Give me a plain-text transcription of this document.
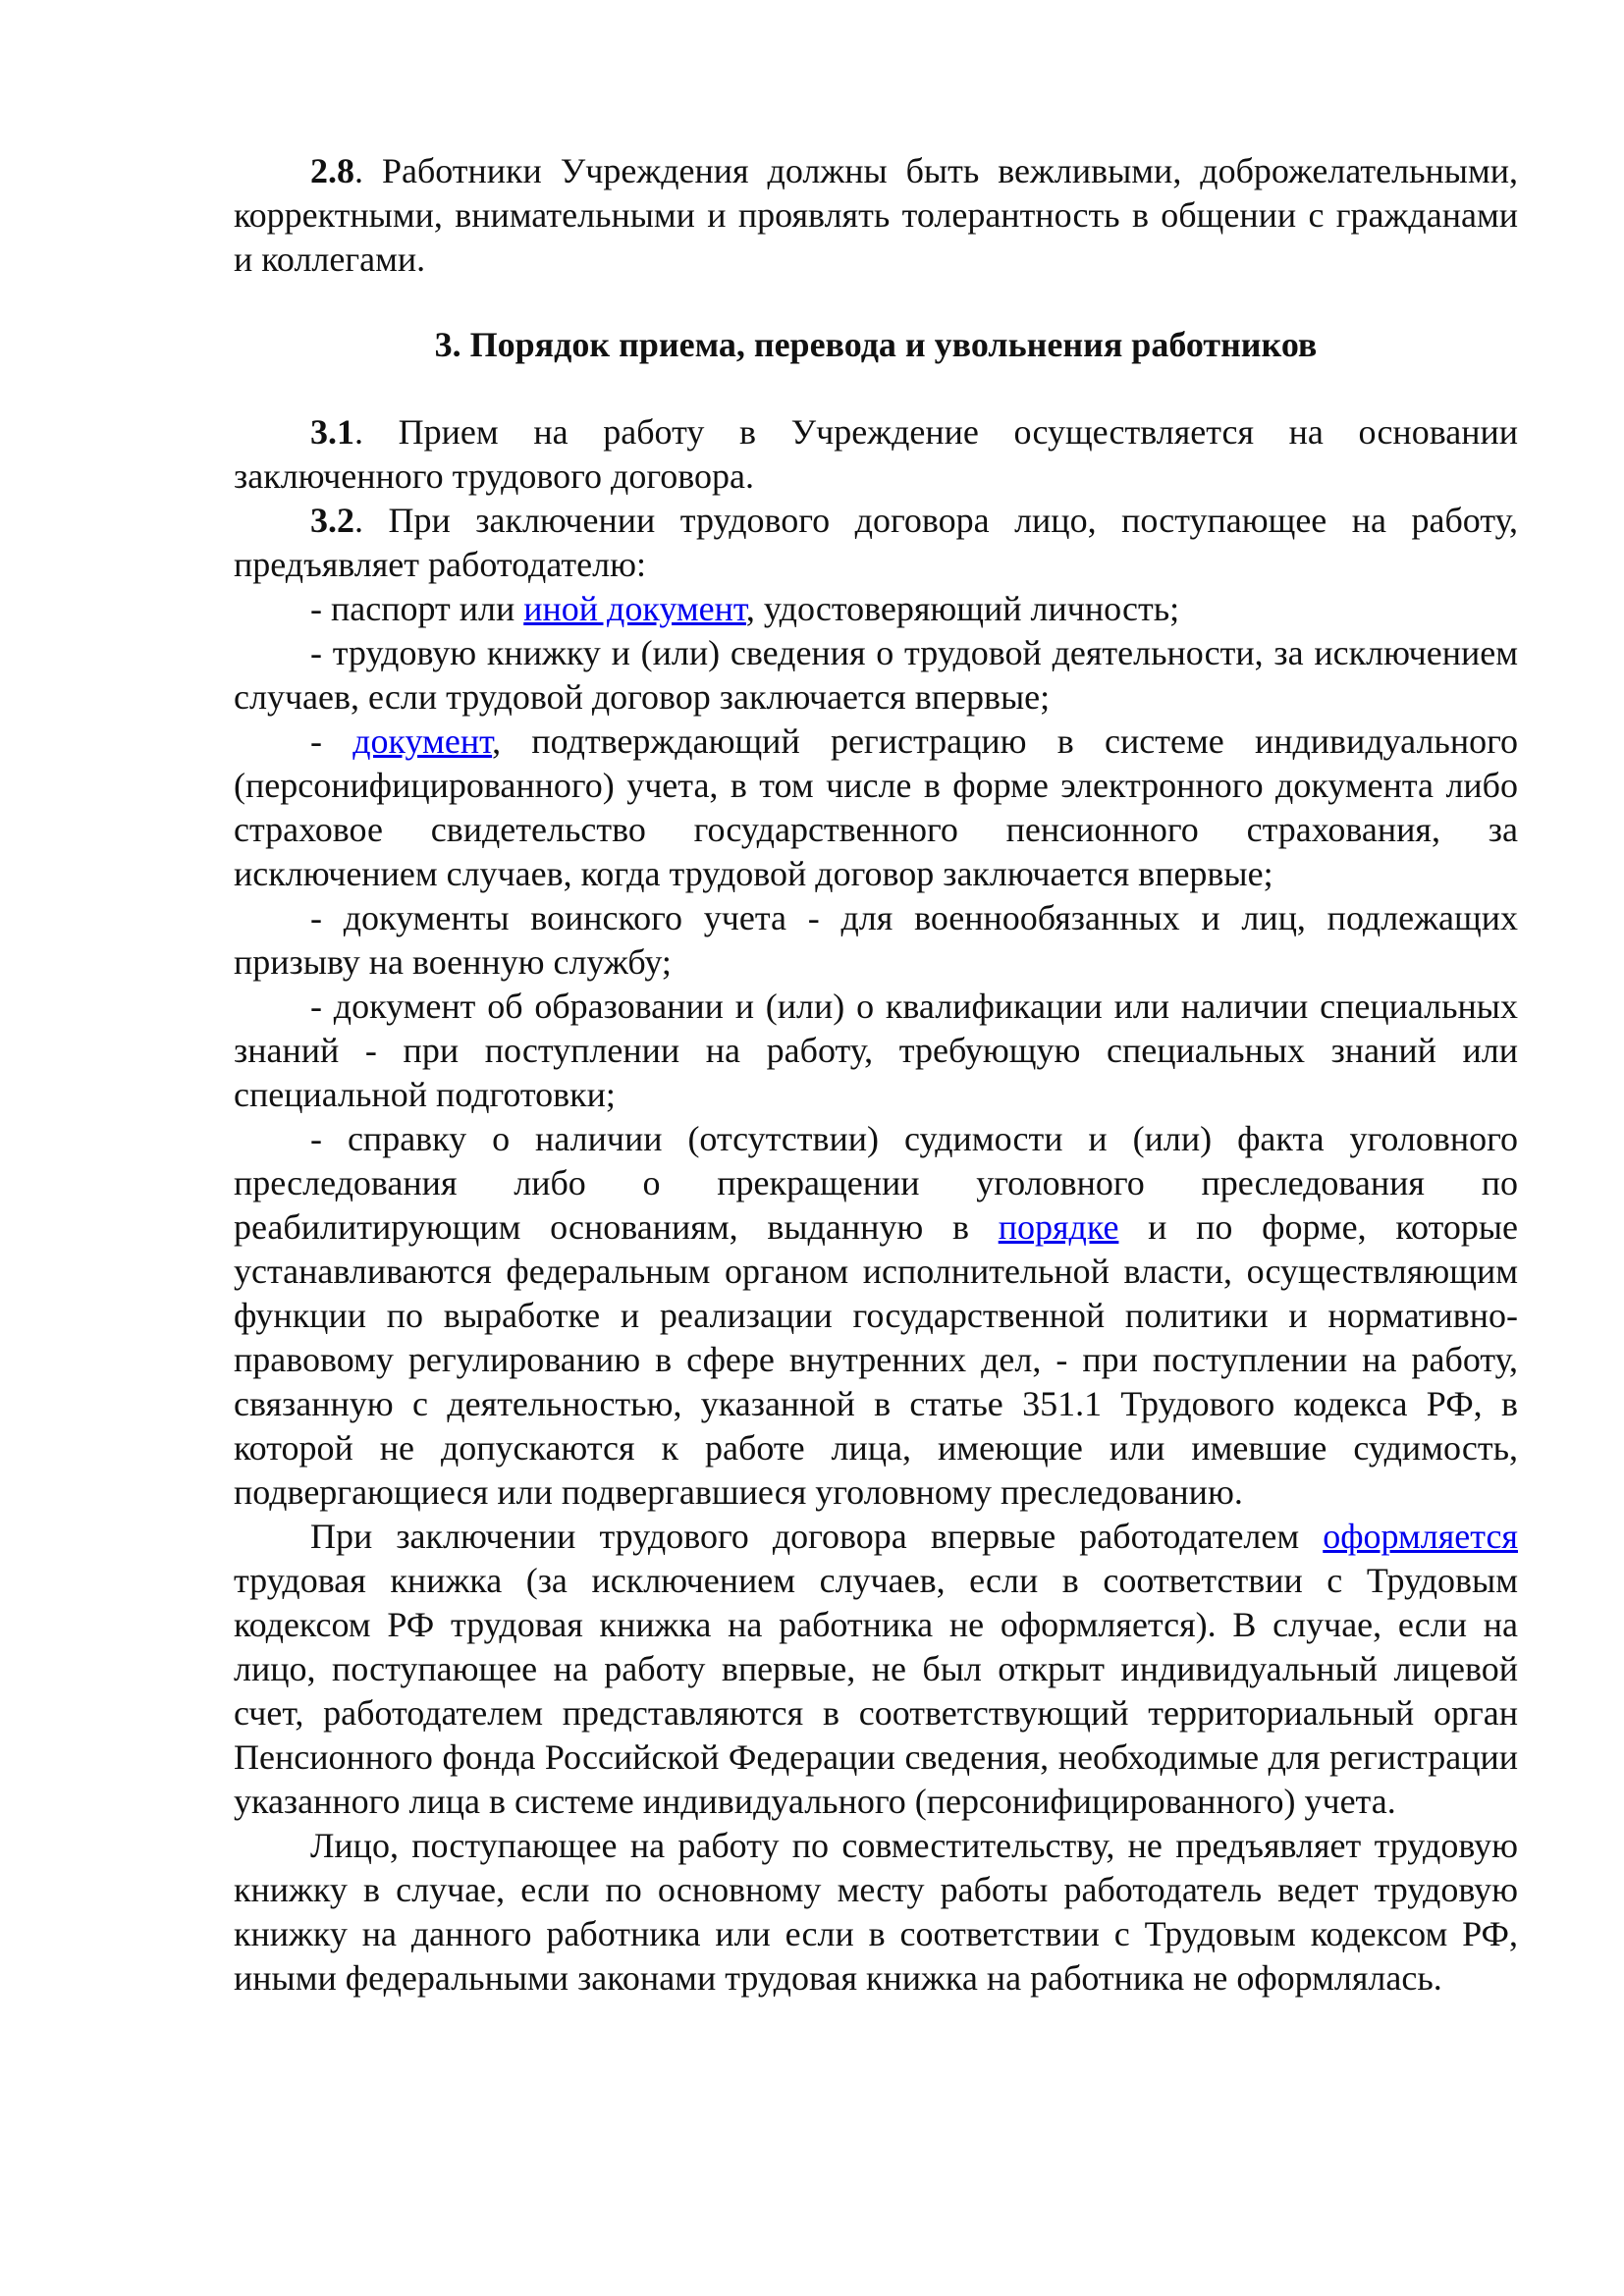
2.8. Работники Учреждения должны быть вежливыми, доброжелательными, корректными, внимательными и проявлять толерантность в общении с гражданами и коллегами.

3. Порядок приема, перевода и увольнения работников

3.1. Прием на работу в Учреждение осуществляется на основании заключенного трудового договора.

3.2. При заключении трудового договора лицо, поступающее на работу, предъявляет работодателю:

- паспорт или иной документ, удостоверяющий личность;

- трудовую книжку и (или) сведения о трудовой деятельности, за исключением случаев, если трудовой договор заключается впервые;

- документ, подтверждающий регистрацию в системе индивидуального (персонифицированного) учета, в том числе в форме электронного документа либо страховое свидетельство государственного пенсионного страхования, за исключением случаев, когда трудовой договор заключается впервые;

- документы воинского учета - для военнообязанных и лиц, подлежащих призыву на военную службу;

- документ об образовании и (или) о квалификации или наличии специальных знаний - при поступлении на работу, требующую специальных знаний или специальной подготовки;

- справку о наличии (отсутствии) судимости и (или) факта уголовного преследования либо о прекращении уголовного преследования по реабилитирующим основаниям, выданную в порядке и по форме, которые устанавливаются федеральным органом исполнительной власти, осуществляющим функции по выработке и реализации государственной политики и нормативно-правовому регулированию в сфере внутренних дел, - при поступлении на работу, связанную с деятельностью, указанной в статье 351.1 Трудового кодекса РФ, в которой не допускаются к работе лица, имеющие или имевшие судимость, подвергающиеся или подвергавшиеся уголовному преследованию.

При заключении трудового договора впервые работодателем оформляется трудовая книжка (за исключением случаев, если в соответствии с Трудовым кодексом РФ трудовая книжка на работника не оформляется). В случае, если на лицо, поступающее на работу впервые, не был открыт индивидуальный лицевой счет, работодателем представляются в соответствующий территориальный орган Пенсионного фонда Российской Федерации сведения, необходимые для регистрации указанного лица в системе индивидуального (персонифицированного) учета.

Лицо, поступающее на работу по совместительству, не предъявляет трудовую книжку в случае, если по основному месту работы работодатель ведет трудовую книжку на данного работника или если в соответствии с Трудовым кодексом РФ, иными федеральными законами трудовая книжка на работника не оформлялась.
